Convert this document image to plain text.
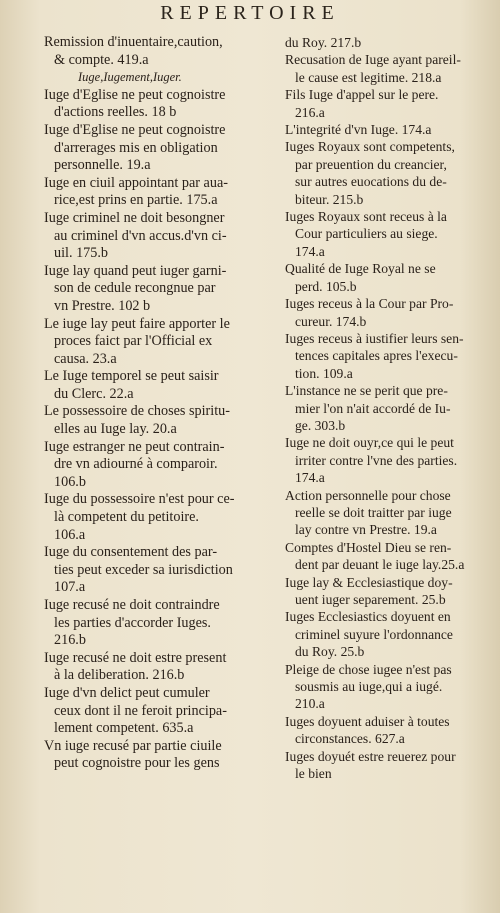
REPERTOIRE
Remission d'inuentaire,caution,
& compte. 419.a
Iuge,Iugement,Iuger.
Iuge d'Eglise ne peut cognoistre
d'actions reelles. 18 b
Iuge d'Eglise ne peut cognoistre
d'arrerages mis en obligation
personnelle. 19.a
Iuge en ciuil appointant par aua-
rice,est prins en partie. 175.a
Iuge criminel ne doit besongner
au criminel d'vn accus.d'vn ci-
uil. 175.b
Iuge lay quand peut iuger garni-
son de cedule recongnue par
vn Prestre. 102 b
Le iuge lay peut faire apporter le
proces faict par l'Official ex
causa. 23.a
Le Iuge temporel se peut saisir
du Clerc. 22.a
Le possessoire de choses spiritu-
elles au Iuge lay. 20.a
Iuge estranger ne peut contrain-
dre vn adiourné à comparoir.
106.b
Iuge du possessoire n'est pour ce-
là competent du petitoire.
106.a
Iuge du consentement des par-
ties peut exceder sa iurisdiction
107.a
Iuge recusé ne doit contraindre
les parties d'accorder Iuges.
216.b
Iuge recusé ne doit estre present
à la deliberation. 216.b
Iuge d'vn delict peut cumuler
ceux dont il ne feroit principa-
lement competent. 635.a
Vn iuge recusé par partie ciuile
peut cognoistre pour les gens
du Roy. 217.b
Recusation de Iuge ayant pareil-
le cause est legitime. 218.a
Fils Iuge d'appel sur le pere.
216.a
L'integrité d'vn Iuge. 174.a
Iuges Royaux sont competents,
par preuention du creancier,
sur autres euocations du de-
biteur. 215.b
Iuges Royaux sont receus à la
Cour particuliers au siege.
174.a
Qualité de Iuge Royal ne se
perd. 105.b
Iuges receus à la Cour par Pro-
cureur. 174.b
Iuges receus à iustifier leurs sen-
tences capitales apres l'execu-
tion. 109.a
L'instance ne se perit que pre-
mier l'on n'ait accordé de Iu-
ge. 303.b
Iuge ne doit ouyr,ce qui le peut
irriter contre l'vne des parties.
174.a
Action personnelle pour chose
reelle se doit traitter par iuge
lay contre vn Prestre. 19.a
Comptes d'Hostel Dieu se ren-
dent par deuant le iuge lay.25.a
Iuge lay & Ecclesiastique doy-
uent iuger separement. 25.b
Iuges Ecclesiastics doyuent en
criminel suyure l'ordonnance
du Roy. 25.b
Pleige de chose iugee n'est pas
sousmis au iuge,qui a iugé.
210.a
Iuges doyuent aduiser à toutes
circonstances. 627.a
Iuges doyuét estre reuerez pour
le bien
